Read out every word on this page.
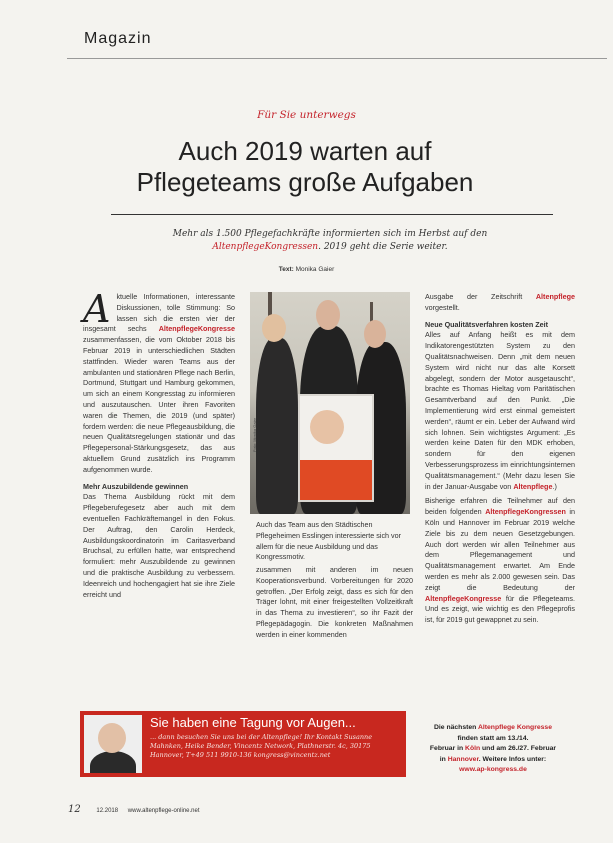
Magazin
Für Sie unterwegs
Auch 2019 warten auf
Pflegeteams große Aufgaben
Mehr als 1.500 Pflegefachkräfte informierten sich im Herbst auf den AltenpflegeKongressen. 2019 geht die Serie weiter.
Text: Monika Gaier

Aktuelle Informationen, interessante Diskussionen, tolle Stimmung: So lassen sich die ersten vier der insgesamt sechs AltenpflegeKongresse zusammenfassen, die vom Oktober 2018 bis Februar 2019 in unterschiedlichen Städten stattfinden. Wieder waren Teams aus der ambulanten und stationären Pflege nach Berlin, Dortmund, Stuttgart und Hamburg gekommen, um sich an einem Kongresstag zu informieren und auszutauschen. Unter ihren Favoriten waren die Themen, die 2019 (und später) fordern werden: die neue Pflegeausbildung, die neuen Qualitätsregelungen stationär und das Pflegepersonal-Stärkungsgesetz, das aus aktuellem Grund zusätzlich ins Programm aufgenommen wurde.

Mehr Auszubildende gewinnen

Das Thema Ausbildung rückt mit dem Pflegeberufegesetz aber auch mit dem eventuellen Fachkräftemangel in den Fokus. Der Auftrag, den Carolin Herdeck, Ausbildungskoordinatorin im Caritasverband Bruchsal, zu erfüllen hatte, war entsprechend formuliert: mehr Auszubildende zu gewinnen und die praktische Ausbildung zu verbessern. Ideenreich und hochengagiert hat sie ihre Ziele erreicht und

Foto: Monika Gaier
Auch das Team aus den Städtischen Pflegeheimen Esslingen interessierte sich vor allem für die neue Ausbildung und das Kongressmotiv.

zusammen mit anderen im neuen Kooperationsverbund. Vorbereitungen für 2020 getroffen. „Der Erfolg zeigt, dass es sich für den Träger lohnt, mit einer freigestellten Vollzeitkraft in das Thema zu investieren“, so ihr Fazit der Pflegepädagogin. Die konkreten Maßnahmen werden in einer kommenden

Ausgabe der Zeitschrift Altenpflege vorgestellt.

Neue Qualitätsverfahren kosten Zeit

Alles auf Anfang heißt es mit dem Indikatorengestützten System zu den Qualitätsnachweisen. Denn „mit dem neuen System wird nicht nur das alte Korsett abgelegt, sondern der Motor ausgetauscht“, brachte es Thomas Hieltag vom Paritätischen Gesamtverband auf den Punkt. „Die Implementierung wird erst einmal gemeistert werden“, räumt er ein. Leber der Aufwand wird sich lohnen. Sein wichtigstes Argument: „Es werden keine Daten für den MDK erhoben, sondern für den eigenen Verbesserungsprozess im einrichtungsinternen Qualitätsmanagement.“ (Mehr dazu lesen Sie in der Januar-Ausgabe von Altenpflege.)

Bisherige erfahren die Teilnehmer auf den beiden folgenden AltenpflegeKongressen in Köln und Hannover im Februar 2019 welche Ziele bis zu dem neuen Gesetzgebungen. Auch dort werden wir allen Teilnehmer aus dem Pflegemanagement und Qualitätsmanagement erwartet. Am Ende werden es mehr als 2.000 gewesen sein. Das zeigt die Bedeutung der AltenpflegeKongresse für die Pflegeteams. Und es zeigt, wie wichtig es den Pflegeprofis ist, für 2019 gut gewappnet zu sein.

Sie haben eine Tagung vor Augen...
... dann besuchen Sie uns bei der Altenpflege! Ihr Kontakt Susanne Mahnken, Heike Bender, Vincentz Network, Plathnerstr. 4c, 30175 Hannover, T+49 511 9910-136 kongress@vincentz.net
Die nächsten Altenpflege Kongresse
finden statt am 13./14.
Februar in Köln und am 26./27. Februar
in Hannover. Weitere Infos unter:
www.ap-kongress.de
12	12.2018 www.altenpflege-online.net
